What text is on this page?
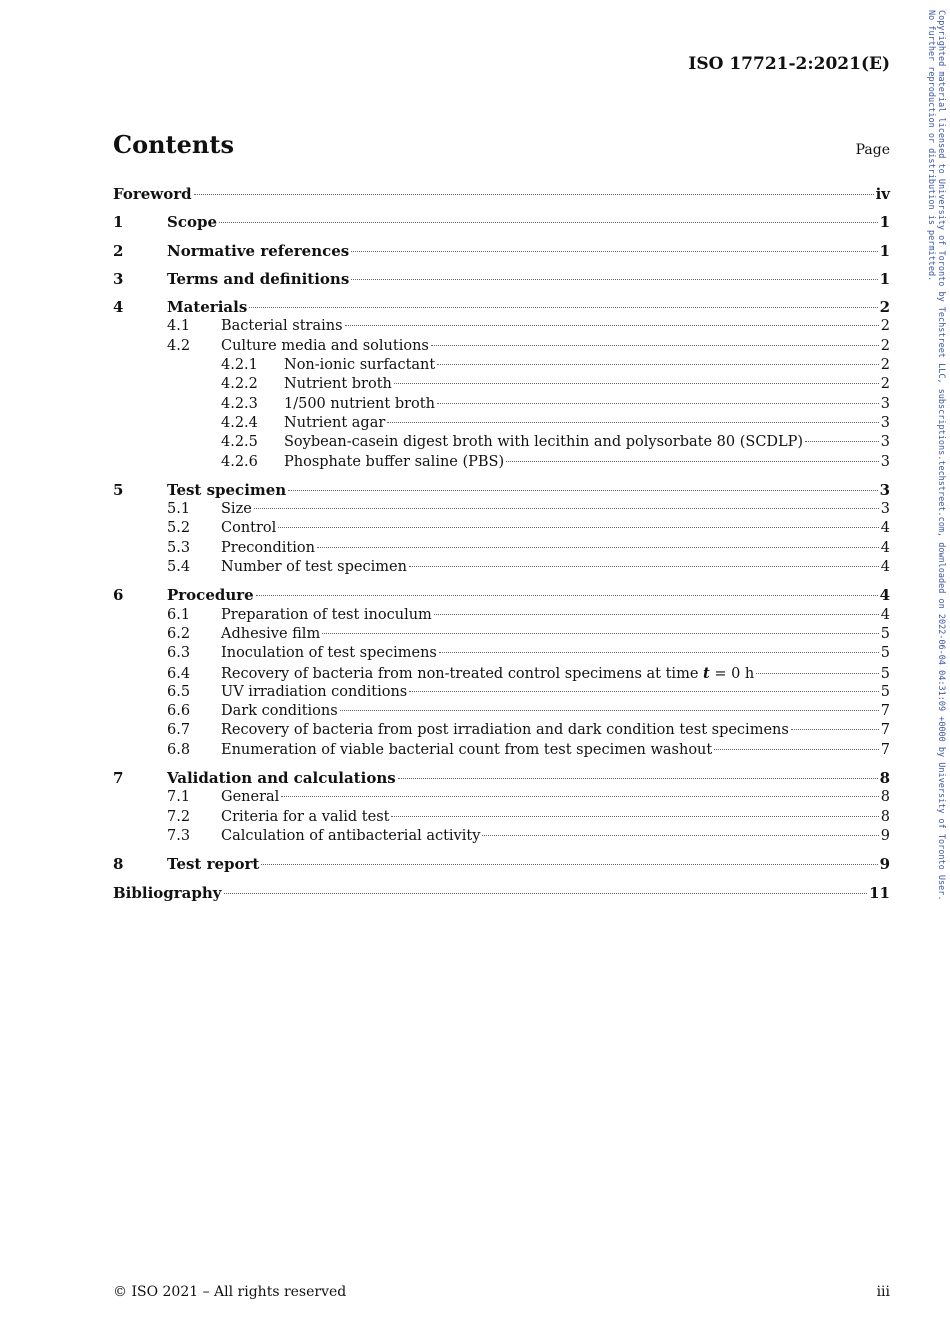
ISO 17721-2:2021(E)	Copyrighted material licensed to University of Toronto by Techstreet LLC, subscriptions.techstreet.com, downloaded on 2022-06-04 04:31:09 +0000 by University of Toronto User.
No further reproduction or distribution is permitted.
Contents	Page
Foreword	iv
1	Scope	1
2	Normative references	1
3	Terms and definitions	1
4	Materials	2
4.1	Bacterial strains	2
4.2	Culture media and solutions	2
4.2.1	Non-ionic surfactant	2
4.2.2	Nutrient broth	2
4.2.3	1/500 nutrient broth	3
4.2.4	Nutrient agar	3
4.2.5	Soybean-casein digest broth with lecithin and polysorbate 80 (SCDLP)	3
4.2.6	Phosphate buffer saline (PBS)	3
5	Test specimen	3
5.1	Size	3
5.2	Control	4
5.3	Precondition	4
5.4	Number of test specimen	4
6	Procedure	4
6.1	Preparation of test inoculum	4
6.2	Adhesive film	5
6.3	Inoculation of test specimens	5
6.4	Recovery of bacteria from non-treated control specimens at time t = 0 h	5
6.5	UV irradiation conditions	5
6.6	Dark conditions	7
6.7	Recovery of bacteria from post irradiation and dark condition test specimens	7
6.8	Enumeration of viable bacterial count from test specimen washout	7
7	Validation and calculations	8
7.1	General	8
7.2	Criteria for a valid test	8
7.3	Calculation of antibacterial activity	9
8	Test report	9
Bibliography	11
© ISO 2021 – All rights reserved	iii
